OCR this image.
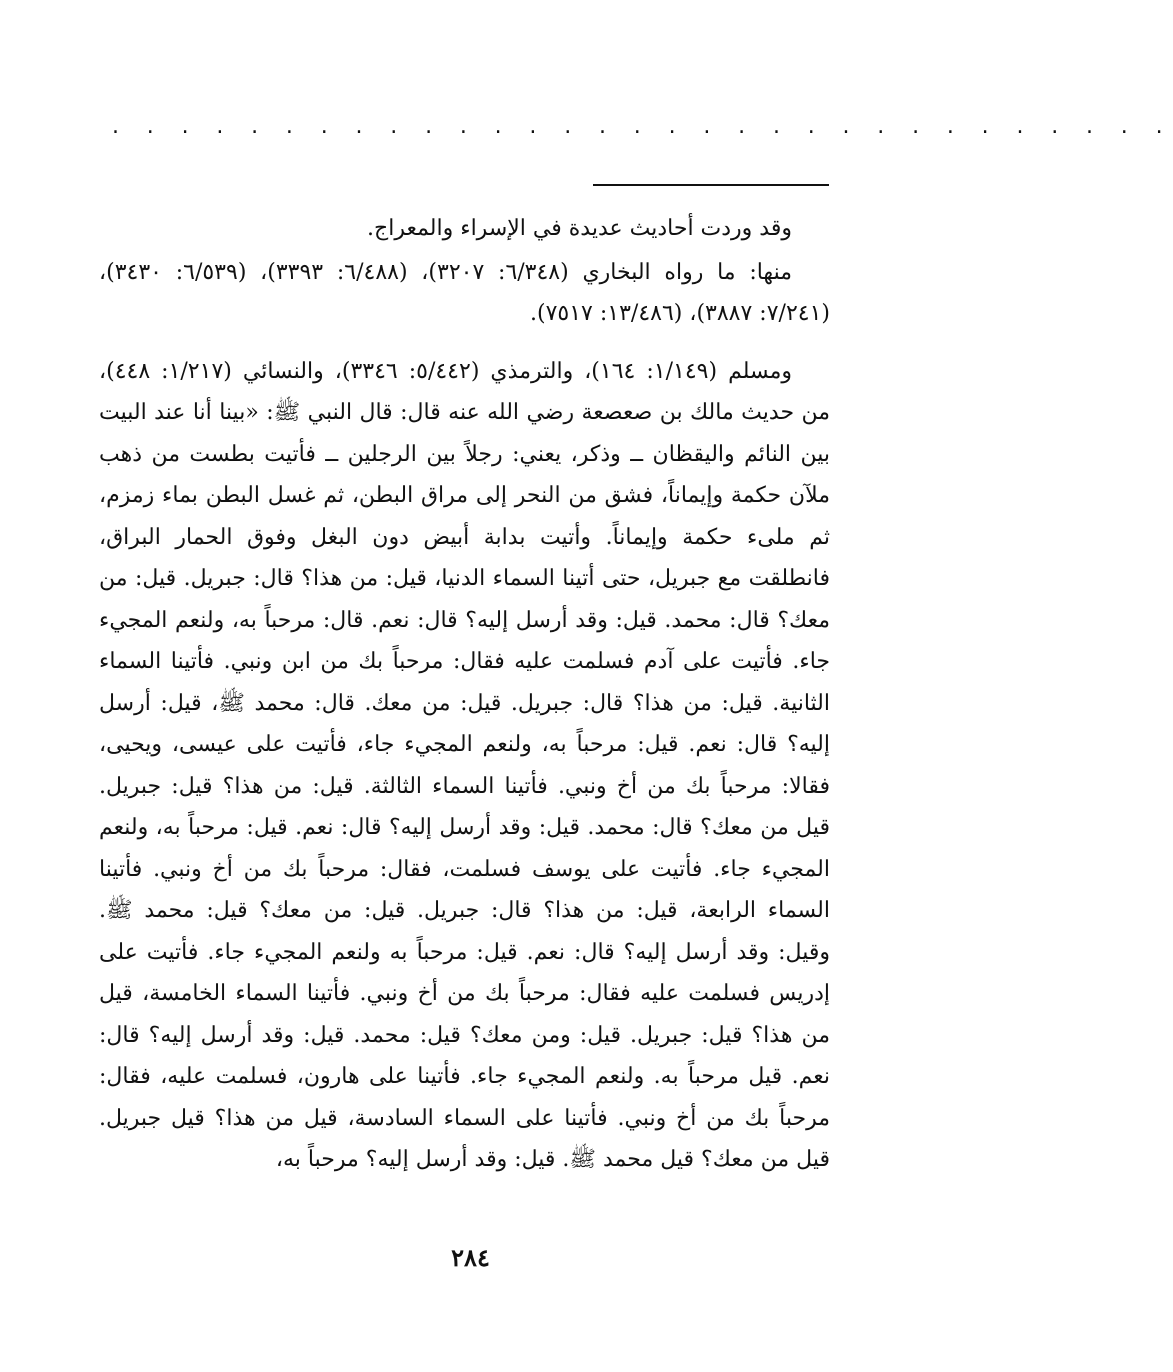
. . . . . . . . . . . . . . . . . . . . . . . . . . . . . . .

وقد وردت أحاديث عديدة في الإسراء والمعراج.

منها: ما رواه البخاري (٦/٣٤٨: ٣٢٠٧)، (٦/٤٨٨: ٣٣٩٣)، (٦/٥٣٩: ٣٤٣٠)، (٧/٢٤١: ٣٨٨٧)، (١٣/٤٨٦: ٧٥١٧).

ومسلم (١/١٤٩: ١٦٤)، والترمذي (٥/٤٤٢: ٣٣٤٦)، والنسائي (١/٢١٧: ٤٤٨)، من حديث مالك بن صعصعة رضي الله عنه قال: قال النبي ﷺ: «بينا أنا عند البيت بين النائم واليقظان ــ وذكر، يعني: رجلاً بين الرجلين ــ فأتيت بطست من ذهب ملآن حكمة وإيماناً، فشق من النحر إلى مراق البطن، ثم غسل البطن بماء زمزم، ثم ملىء حكمة وإيماناً. وأتيت بدابة أبيض دون البغل وفوق الحمار البراق، فانطلقت مع جبريل، حتى أتينا السماء الدنيا، قيل: من هذا؟ قال: جبريل. قيل: من معك؟ قال: محمد. قيل: وقد أرسل إليه؟ قال: نعم. قال: مرحباً به، ولنعم المجيء جاء. فأتيت على آدم فسلمت عليه فقال: مرحباً بك من ابن ونبي. فأتينا السماء الثانية. قيل: من هذا؟ قال: جبريل. قيل: من معك. قال: محمد ﷺ، قيل: أرسل إليه؟ قال: نعم. قيل: مرحباً به، ولنعم المجيء جاء، فأتيت على عيسى، ويحيى، فقالا: مرحباً بك من أخ ونبي. فأتينا السماء الثالثة. قيل: من هذا؟ قيل: جبريل. قيل من معك؟ قال: محمد. قيل: وقد أرسل إليه؟ قال: نعم. قيل: مرحباً به، ولنعم المجيء جاء. فأتيت على يوسف فسلمت، فقال: مرحباً بك من أخ ونبي. فأتينا السماء الرابعة، قيل: من هذا؟ قال: جبريل. قيل: من معك؟ قيل: محمد ﷺ. وقيل: وقد أرسل إليه؟ قال: نعم. قيل: مرحباً به ولنعم المجيء جاء. فأتيت على إدريس فسلمت عليه فقال: مرحباً بك من أخ ونبي. فأتينا السماء الخامسة، قيل من هذا؟ قيل: جبريل. قيل: ومن معك؟ قيل: محمد. قيل: وقد أرسل إليه؟ قال: نعم. قيل مرحباً به. ولنعم المجيء جاء. فأتينا على هارون، فسلمت عليه، فقال: مرحباً بك من أخ ونبي. فأتينا على السماء السادسة، قيل من هذا؟ قيل جبريل. قيل من معك؟ قيل محمد ﷺ. قيل: وقد أرسل إليه؟ مرحباً به،

٢٨٤
